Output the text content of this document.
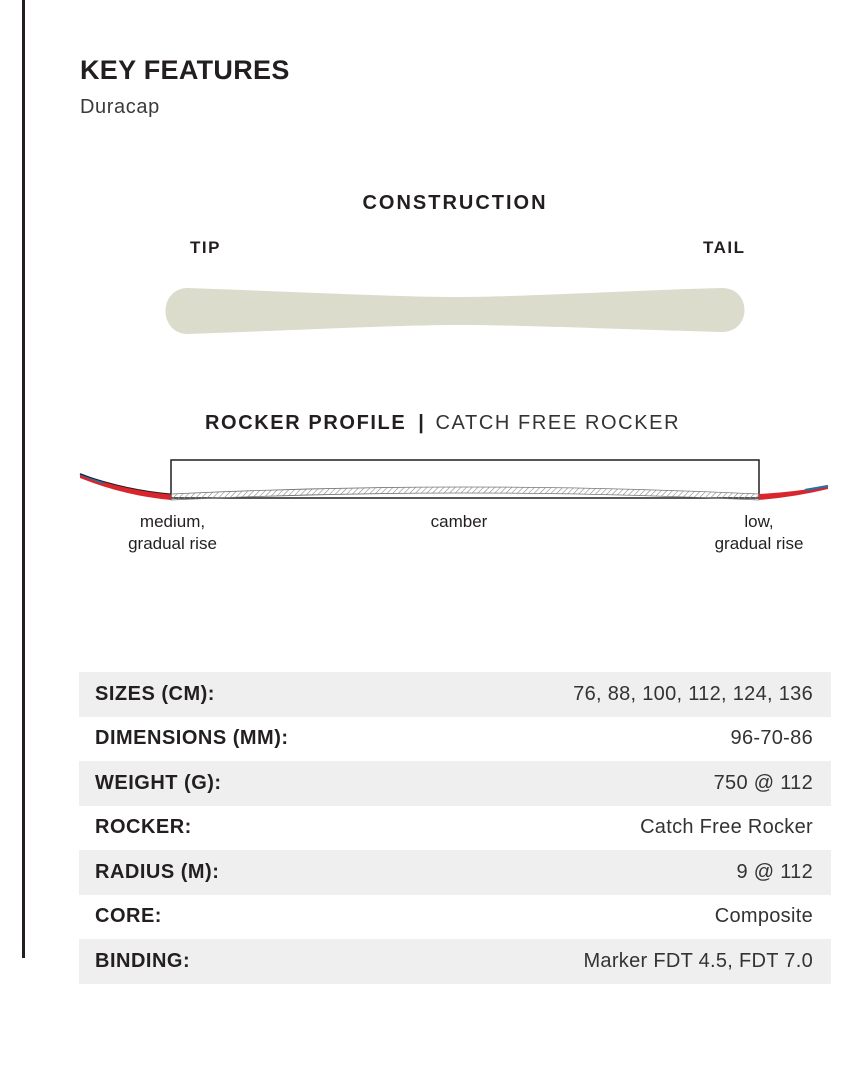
KEY FEATURES
Duracap
CONSTRUCTION
TIP	TAIL
ROCKER PROFILE | CATCH FREE ROCKER
medium,
gradual rise
camber	low,
gradual rise
SIZES (CM):	76, 88, 100, 112, 124, 136
DIMENSIONS (MM):	96-70-86
WEIGHT (G):	750 @ 112
ROCKER:	Catch Free Rocker
RADIUS (M):	9 @ 112
CORE:	Composite
BINDING:	Marker FDT 4.5, FDT 7.0
